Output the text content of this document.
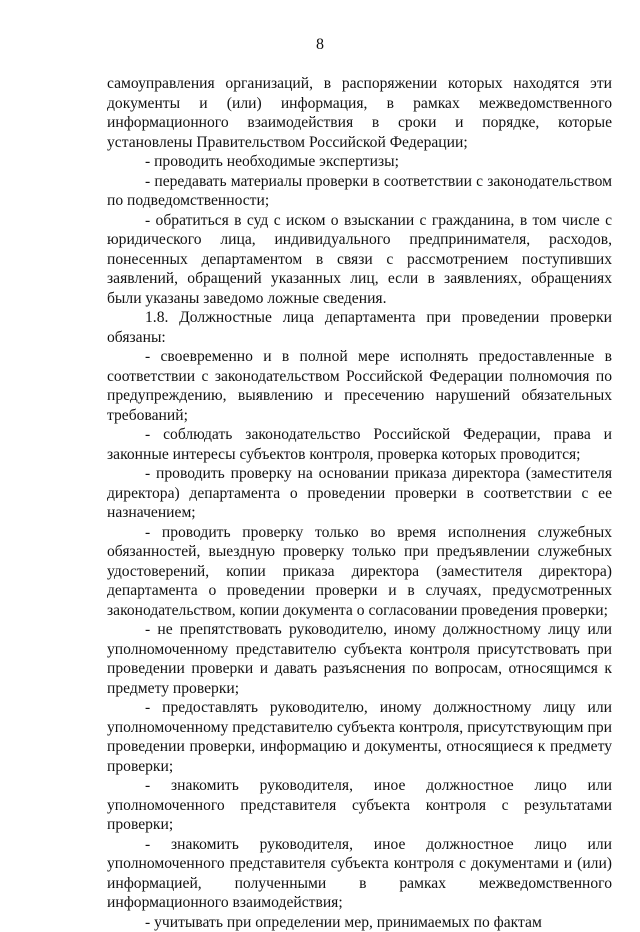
8

самоуправления организаций, в распоряжении которых находятся эти документы и (или) информация, в рамках межведомственного информационного взаимодействия в сроки и порядке, которые установлены Правительством Российской Федерации;

- проводить необходимые экспертизы;

- передавать материалы проверки в соответствии с законодательством по подведомственности;

- обратиться в суд с иском о взыскании с гражданина, в том числе с юридического лица, индивидуального предпринимателя, расходов, понесенных департаментом в связи с рассмотрением поступивших заявлений, обращений указанных лиц, если в заявлениях, обращениях были указаны заведомо ложные сведения.

1.8. Должностные лица департамента при проведении проверки обязаны:

- своевременно и в полной мере исполнять предоставленные в соответствии с законодательством Российской Федерации полномочия по предупреждению, выявлению и пресечению нарушений обязательных требований;

- соблюдать законодательство Российской Федерации, права и законные интересы субъектов контроля, проверка которых проводится;

- проводить проверку на основании приказа директора (заместителя директора) департамента о проведении проверки в соответствии с ее назначением;

- проводить проверку только во время исполнения служебных обязанностей, выездную проверку только при предъявлении служебных удостоверений, копии приказа директора (заместителя директора) департамента о проведении проверки и в случаях, предусмотренных законодательством, копии документа о согласовании проведения проверки;

- не препятствовать руководителю, иному должностному лицу или уполномоченному представителю субъекта контроля присутствовать при проведении проверки и давать разъяснения по вопросам, относящимся к предмету проверки;

- предоставлять руководителю, иному должностному лицу или уполномоченному представителю субъекта контроля, присутствующим при проведении проверки, информацию и документы, относящиеся к предмету проверки;

- знакомить руководителя, иное должностное лицо или уполномоченного представителя субъекта контроля с результатами проверки;

- знакомить руководителя, иное должностное лицо или уполномоченного представителя субъекта контроля с документами и (или) информацией, полученными в рамках межведомственного информационного взаимодействия;

- учитывать при определении мер, принимаемых по фактам
